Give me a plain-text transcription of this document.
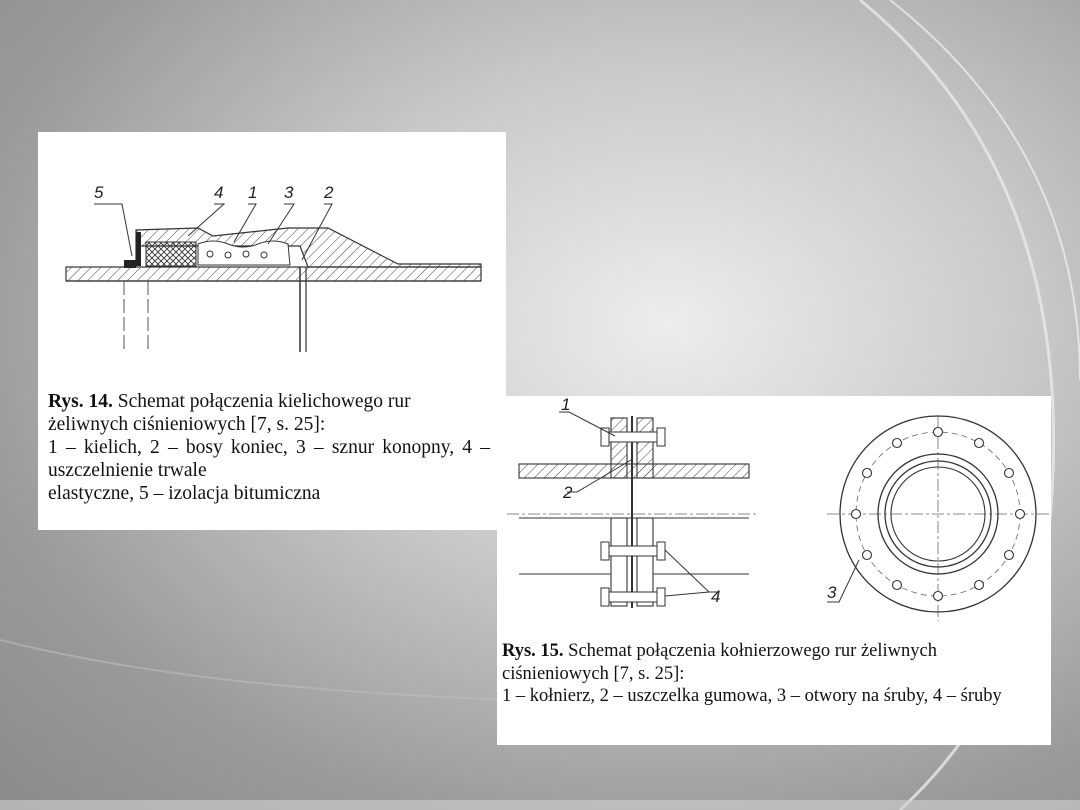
5	4 1 3 2
Rys. 14. Schemat połączenia kielichowego rur żeliwnych ciśnieniowych [7, s. 25]:
1 – kielich, 2 – bosy koniec, 3 – sznur konopny, 4 – uszczelnienie trwale
elastyczne, 5 – izolacja bitumiczna
1
2
4	3
Rys. 15. Schemat połączenia kołnierzowego rur żeliwnych ciśnieniowych [7, s. 25]:
1 – kołnierz, 2 – uszczelka gumowa, 3 – otwory na śruby, 4 – śruby
